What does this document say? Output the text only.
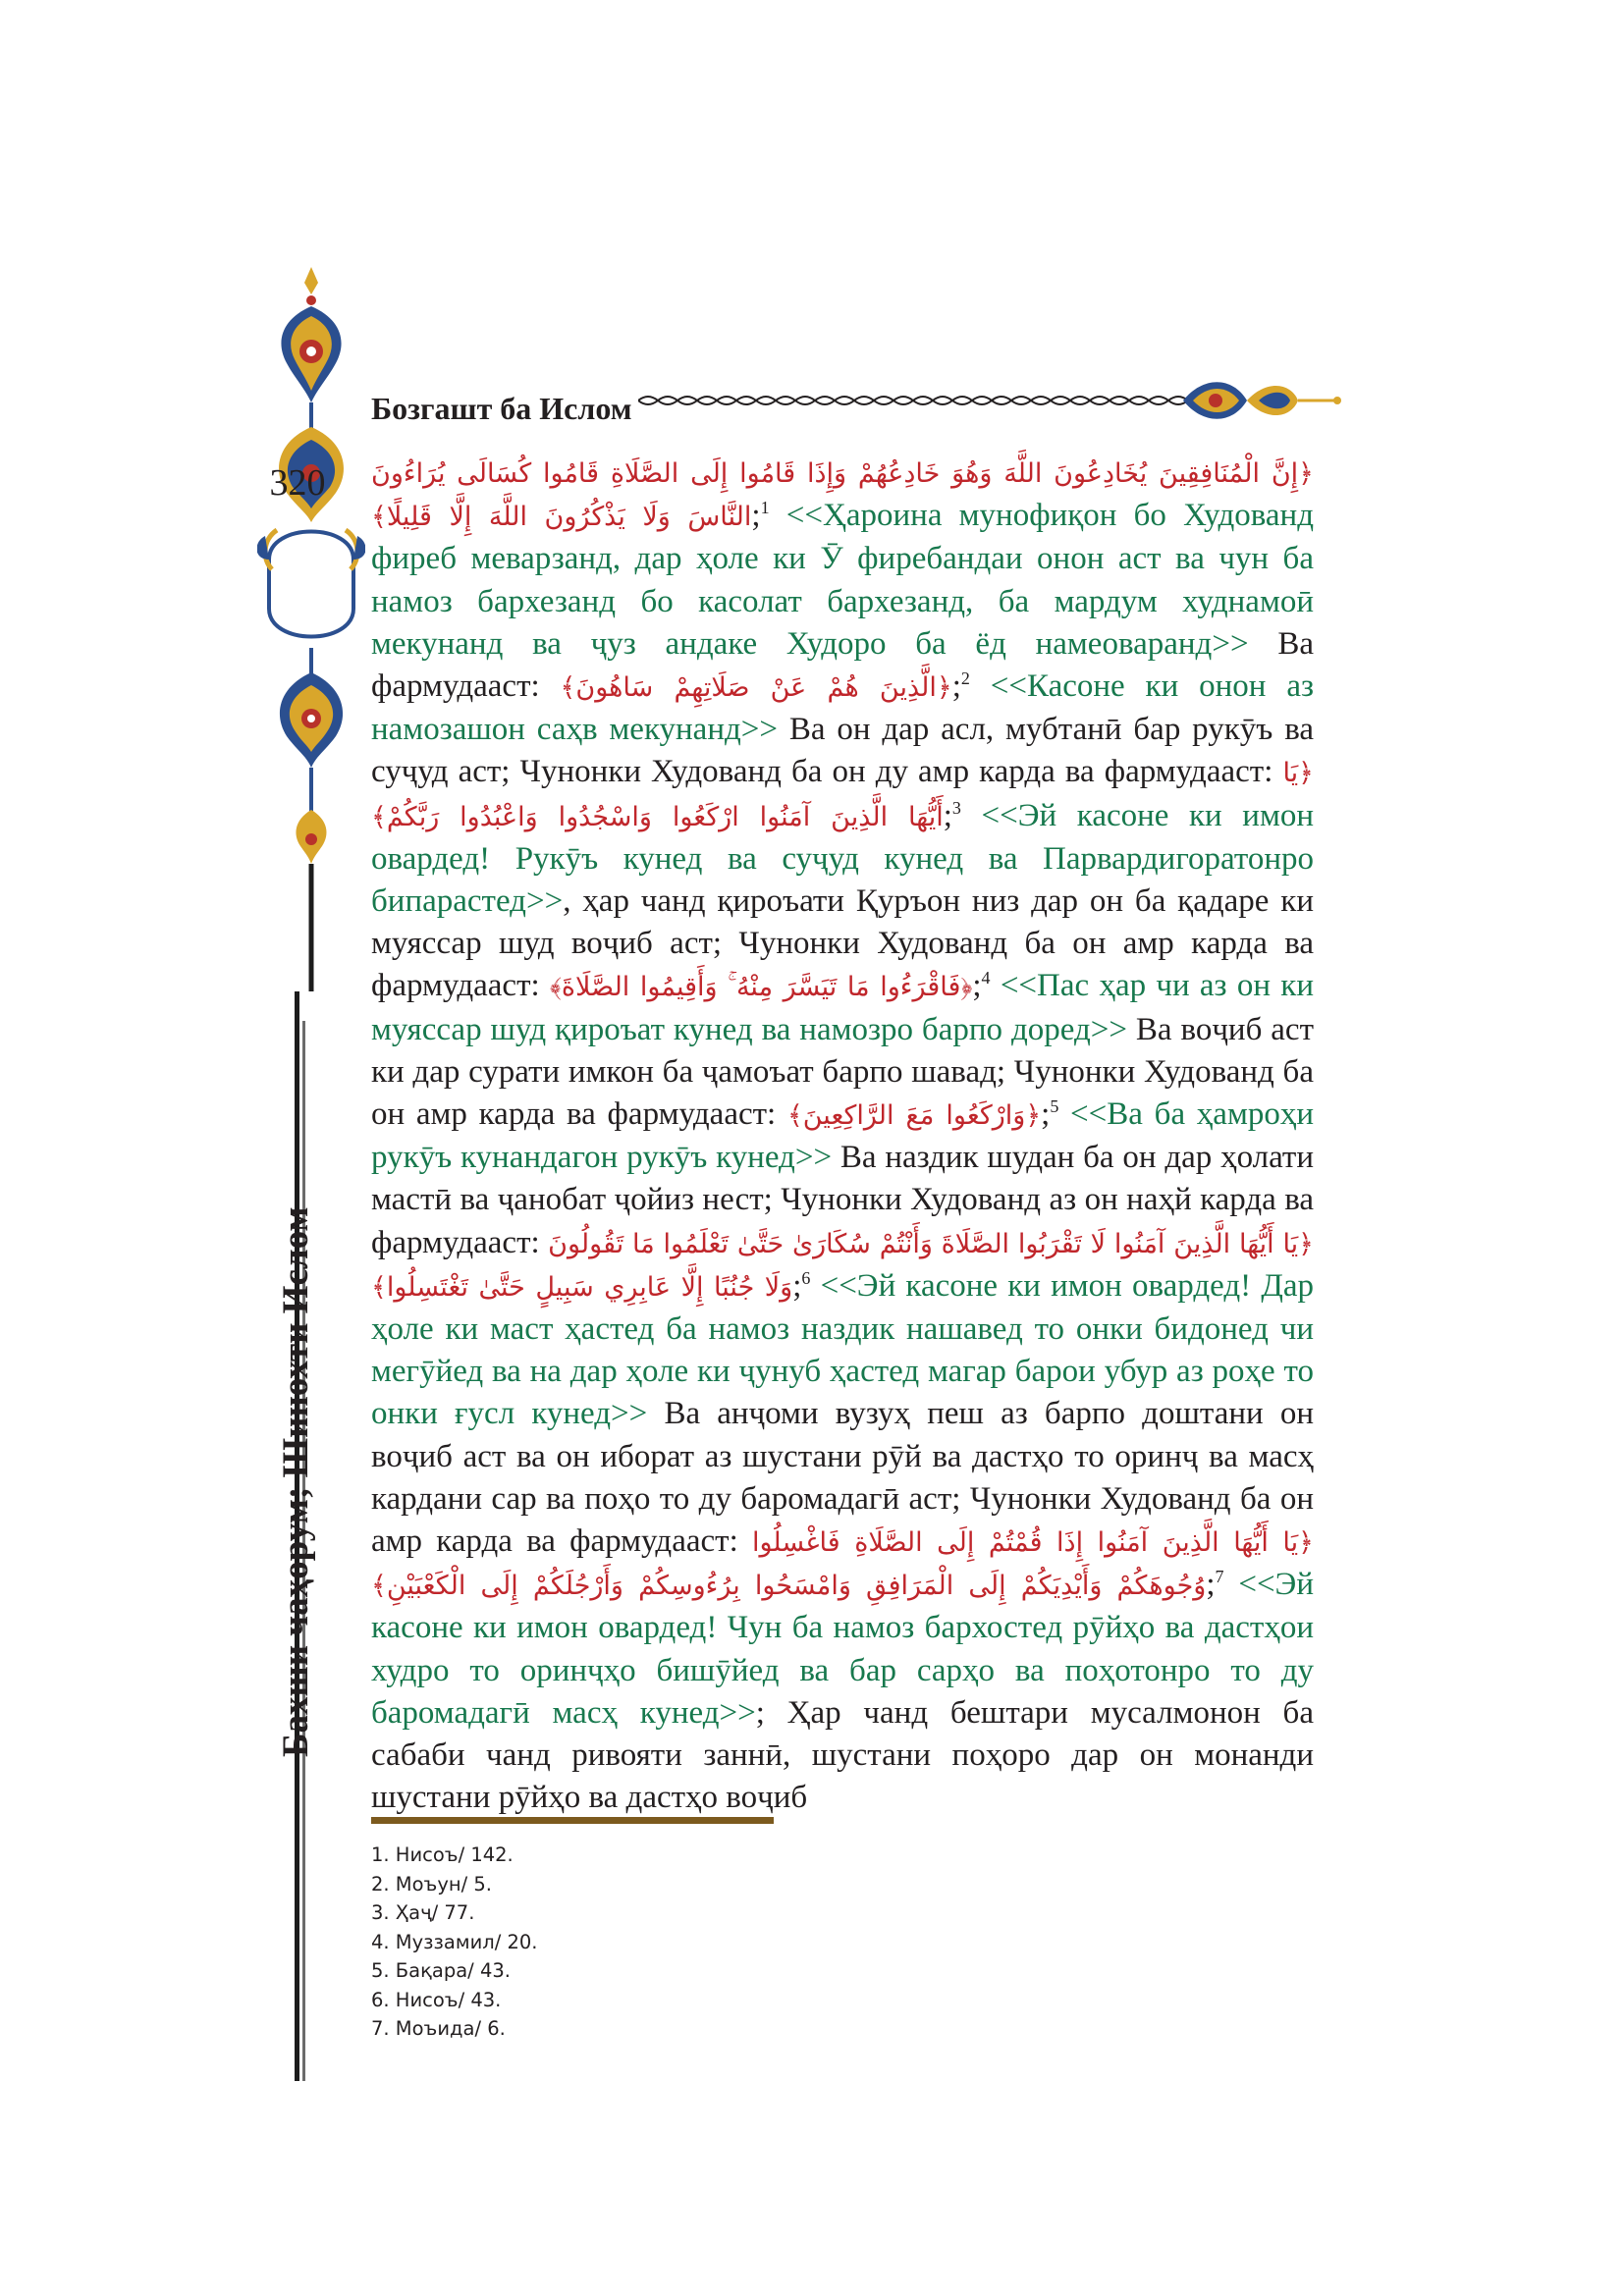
320
Бахши чаҳорум; Шинохти Ислом
Бозгашт ба Ислом

﴿إِنَّ الْمُنَافِقِينَ يُخَادِعُونَ اللَّهَ وَهُوَ خَادِعُهُمْ وَإِذَا قَامُوا إِلَى الصَّلَاةِ قَامُوا كُسَالَى يُرَاءُونَ النَّاسَ وَلَا يَذْكُرُونَ اللَّهَ إِلَّا قَلِيلًا﴾;$^1$ <<Ҳароина мунофиқон бо Худованд фиреб меварзанд, дар ҳоле ки Ӯ фиребандаи онон аст ва чун ба намоз бархезанд бо касолат бархезанд, ба мардум худнамоӣ мекунанд ва ҷуз андаке Худоро ба ёд намеоваранд>> Ва фармудааст: ﴿الَّذِينَ هُمْ عَنْ صَلَاتِهِمْ سَاهُونَ﴾;$^2$ <<Касоне ки онон аз намозашон саҳв мекунанд>> Ва он дар асл, мубтанӣ бар рукӯъ ва суҷуд аст; Чунонки Худованд ба он ду амр карда ва фармудааст: ﴿يَا أَيُّهَا الَّذِينَ آمَنُوا ارْكَعُوا وَاسْجُدُوا وَاعْبُدُوا رَبَّكُمْ﴾;$^3$ <<Эй касоне ки имон овардед! Рукӯъ кунед ва суҷуд кунед ва Парвардигоратонро бипарастед>>, ҳар чанд қироъати Қуръон низ дар он ба қадаре ки муяссар шуд воҷиб аст; Чунонки Худованд ба он амр карда ва фармудааст: ﴿فَاقْرَءُوا مَا تَيَسَّرَ مِنْهُ ۚ وَأَقِيمُوا الصَّلَاةَ﴾;$^4$ <<Пас ҳар чи аз он ки муяссар шуд қироъат кунед ва намозро барпо доред>> Ва воҷиб аст ки дар сурати имкон ба ҷамоъат барпо шавад; Чунонки Худованд ба он амр карда ва фармудааст: ﴿وَارْكَعُوا مَعَ الرَّاكِعِينَ﴾;$^5$ <<Ва ба ҳамроҳи рукӯъ кунандагон рукӯъ кунед>> Ва наздик шудан ба он дар ҳолати мастӣ ва ҷанобат ҷойиз нест; Чунонки Худованд аз он наҳй карда ва фармудааст: ﴿يَا أَيُّهَا الَّذِينَ آمَنُوا لَا تَقْرَبُوا الصَّلَاةَ وَأَنْتُمْ سُكَارَىٰ حَتَّىٰ تَعْلَمُوا مَا تَقُولُونَ وَلَا جُنُبًا إِلَّا عَابِرِي سَبِيلٍ حَتَّىٰ تَغْتَسِلُوا﴾;$^6$ <<Эй касоне ки имон овардед! Дар ҳоле ки маст ҳастед ба намоз наздик нашавед то онки бидонед чи мегӯйед ва на дар ҳоле ки ҷунуб ҳастед магар барои убур аз роҳе то онки ғусл кунед>> Ва анҷоми вузуҳ пеш аз барпо доштани он воҷиб аст ва он иборат аз шустани рӯй ва дастҳо то оринҷ ва масҳ кардани сар ва поҳо то ду баромадагӣ аст; Чунонки Худованд ба он амр карда ва фармудааст: ﴿يَا أَيُّهَا الَّذِينَ آمَنُوا إِذَا قُمْتُمْ إِلَى الصَّلَاةِ فَاغْسِلُوا وُجُوهَكُمْ وَأَيْدِيَكُمْ إِلَى الْمَرَافِقِ وَامْسَحُوا بِرُءُوسِكُمْ وَأَرْجُلَكُمْ إِلَى الْكَعْبَيْنِ﴾;$^7$ <<Эй касоне ки имон овардед! Чун ба намоз бархостед рӯйҳо ва дастҳои худро то оринҷҳо бишӯйед ва бар сарҳо ва поҳотонро то ду баромадагӣ масҳ кунед>>; Ҳар чанд бештари мусалмонон ба сабаби чанд ривояти заннӣ, шустани поҳоро дар он монанди шустани рӯйҳо ва дастҳо воҷиб

1. Нисоъ/ 142.
2. Моъун/ 5.
3. Ҳаҷ/ 77.
4. Муззамил/ 20.
5. Бақара/ 43.
6. Нисоъ/ 43.
7. Моъида/ 6.
